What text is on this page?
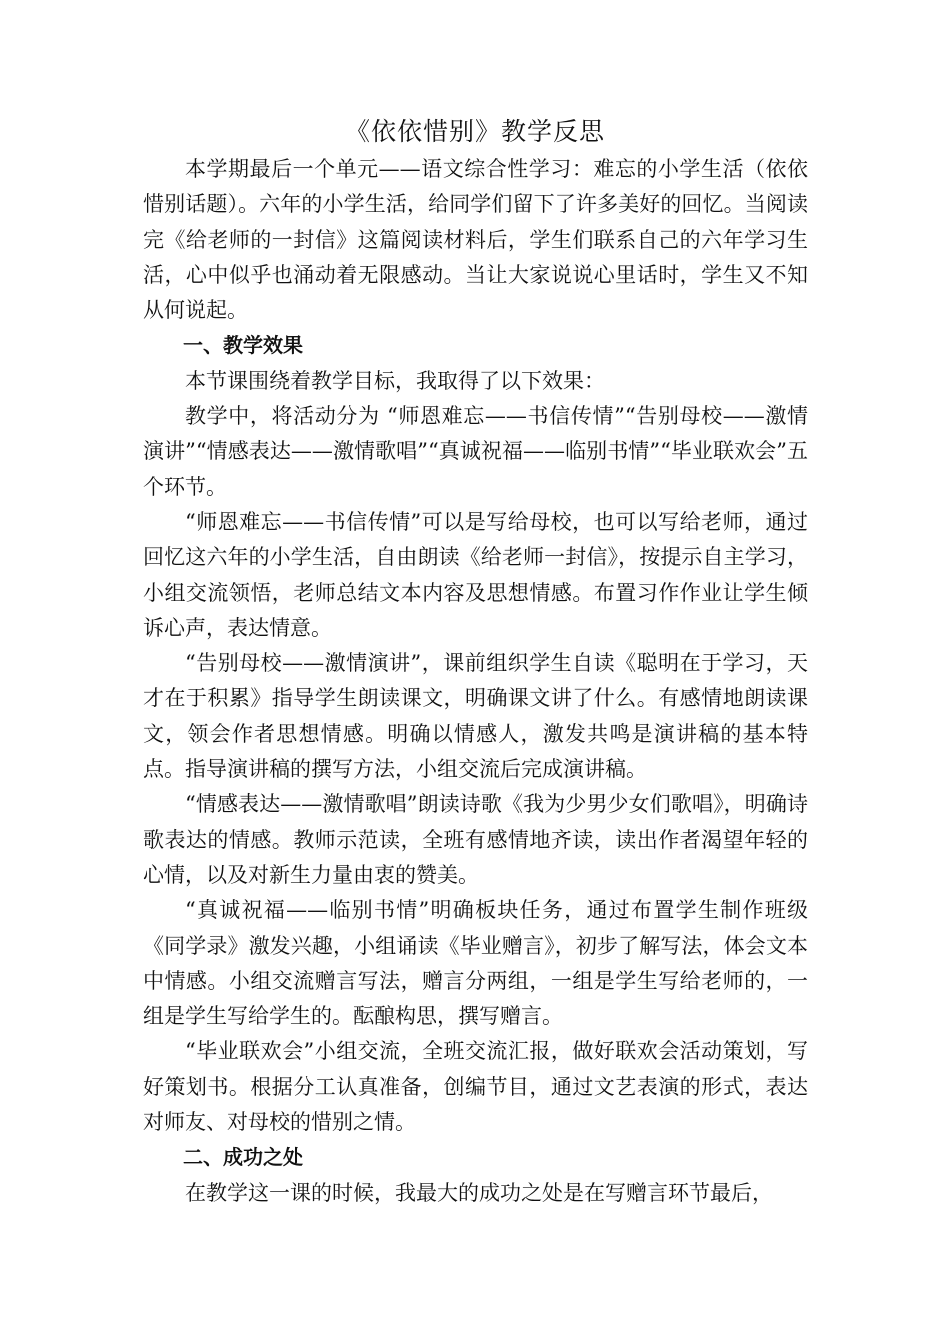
《依依惜别》教学反思

本学期最后一个单元——语文综合性学习：难忘的小学生活（依依惜别话题）。六年的小学生活，给同学们留下了许多美好的回忆。当阅读完《给老师的一封信》这篇阅读材料后，学生们联系自己的六年学习生活，心中似乎也涌动着无限感动。当让大家说说心里话时，学生又不知从何说起。

一、教学效果

本节课围绕着教学目标，我取得了以下效果：

教学中，将活动分为 “师恩难忘——书信传情”“告别母校——激情演讲”“情感表达——激情歌唱”“真诚祝福——临别书情”“毕业联欢会”五个环节。

“师恩难忘——书信传情”可以是写给母校，也可以写给老师，通过回忆这六年的小学生活，自由朗读《给老师一封信》，按提示自主学习，小组交流领悟，老师总结文本内容及思想情感。布置习作作业让学生倾诉心声，表达情意。

“告别母校——激情演讲”，课前组织学生自读《聪明在于学习，天才在于积累》指导学生朗读课文，明确课文讲了什么。有感情地朗读课文，领会作者思想情感。明确以情感人，激发共鸣是演讲稿的基本特点。指导演讲稿的撰写方法，小组交流后完成演讲稿。

“情感表达——激情歌唱”朗读诗歌《我为少男少女们歌唱》，明确诗歌表达的情感。教师示范读，全班有感情地齐读，读出作者渴望年轻的心情，以及对新生力量由衷的赞美。

“真诚祝福——临别书情”明确板块任务，通过布置学生制作班级《同学录》激发兴趣，小组诵读《毕业赠言》，初步了解写法，体会文本中情感。小组交流赠言写法，赠言分两组，一组是学生写给老师的，一组是学生写给学生的。酝酿构思，撰写赠言。

“毕业联欢会”小组交流，全班交流汇报，做好联欢会活动策划，写好策划书。根据分工认真准备，创编节目，通过文艺表演的形式，表达对师友、对母校的惜别之情。

二、成功之处

在教学这一课的时候，我最大的成功之处是在写赠言环节最后，
